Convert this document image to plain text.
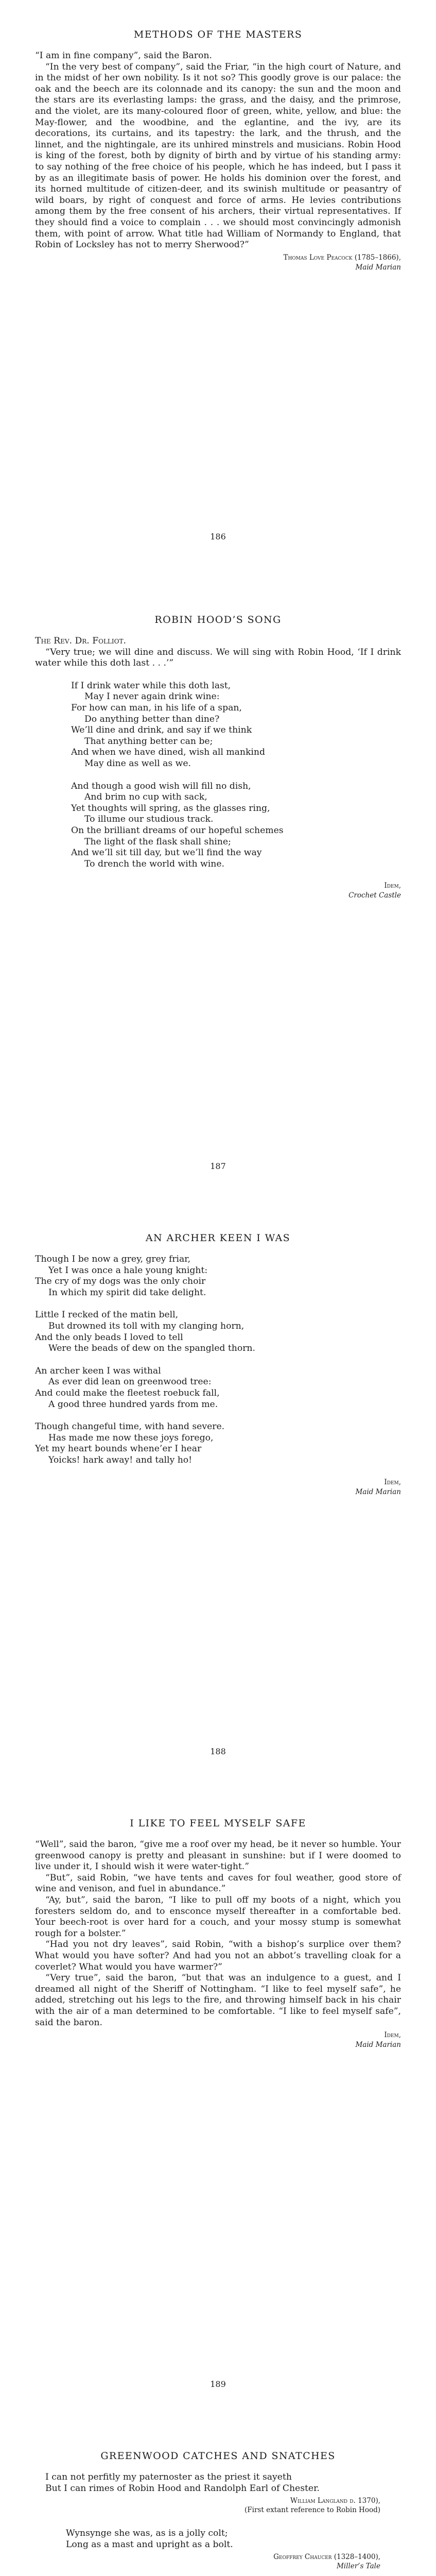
METHODS OF THE MASTERS

“I am in fine company”, said the Baron.

“In the very best of company”, said the Friar, “in the high court of Nature, and in the midst of her own nobility. Is it not so? This goodly grove is our palace: the oak and the beech are its colonnade and its canopy: the sun and the moon and the stars are its everlasting lamps: the grass, and the daisy, and the primrose, and the violet, are its many-coloured floor of green, white, yellow, and blue: the May-flower, and the woodbine, and the eglantine, and the ivy, are its decorations, its curtains, and its tapestry: the lark, and the thrush, and the linnet, and the nightingale, are its unhired minstrels and musicians. Robin Hood is king of the forest, both by dignity of birth and by virtue of his standing army: to say nothing of the free choice of his people, which he has indeed, but I pass it by as an illegitimate basis of power. He holds his dominion over the forest, and its horned multitude of citizen-deer, and its swinish multitude or peasantry of wild boars, by right of conquest and force of arms. He levies contributions among them by the free consent of his archers, their virtual representatives. If they should find a voice to complain . . . we should most convincingly admonish them, with point of arrow. What title had William of Normandy to England, that Robin of Locksley has not to merry Sherwood?”

Thomas Love Peacock (1785–1866),
Maid Marian
186
ROBIN HOOD’S SONG

The Rev. Dr. Folliot.

“Very true; we will dine and discuss. We will sing with Robin Hood, ‘If I drink water while this doth last . . .’”

If I drink water while this doth last,
May I never again drink wine:
For how can man, in his life of a span,
Do anything better than dine?
We’ll dine and drink, and say if we think
That anything better can be;
And when we have dined, wish all mankind
May dine as well as we.
And though a good wish will fill no dish,
And brim no cup with sack,
Yet thoughts will spring, as the glasses ring,
To illume our studious track.
On the brilliant dreams of our hopeful schemes
The light of the flask shall shine;
And we’ll sit till day, but we’ll find the way
To drench the world with wine.
Idem,
Crochet Castle
187
AN ARCHER KEEN I WAS
Though I be now a grey, grey friar,
Yet I was once a hale young knight:
The cry of my dogs was the only choir
In which my spirit did take delight.
Little I recked of the matin bell,
But drowned its toll with my clanging horn,
And the only beads I loved to tell
Were the beads of dew on the spangled thorn.
An archer keen I was withal
As ever did lean on greenwood tree:
And could make the fleetest roebuck fall,
A good three hundred yards from me.
Though changeful time, with hand severe.
Has made me now these joys forego,
Yet my heart bounds whene’er I hear
Yoicks! hark away! and tally ho!
Idem,
Maid Marian
188
I LIKE TO FEEL MYSELF SAFE

“Well”, said the baron, “give me a roof over my head, be it never so humble. Your greenwood canopy is pretty and pleasant in sunshine: but if I were doomed to live under it, I should wish it were water-tight.”

“But”, said Robin, “we have tents and caves for foul weather, good store of wine and venison, and fuel in abundance.”

“Ay, but”, said the baron, “I like to pull off my boots of a night, which you foresters seldom do, and to ensconce myself thereafter in a comfortable bed. Your beech-root is over hard for a couch, and your mossy stump is somewhat rough for a bolster.”

“Had you not dry leaves”, said Robin, “with a bishop’s surplice over them? What would you have softer? And had you not an abbot’s travelling cloak for a coverlet? What would you have warmer?”

“Very true”, said the baron, “but that was an indulgence to a guest, and I dreamed all night of the Sheriff of Nottingham. “I like to feel myself safe”, he added, stretching out his legs to the fire, and throwing himself back in his chair with the air of a man determined to be comfortable. “I like to feel myself safe”, said the baron.

Idem,
Maid Marian
189
GREENWOOD CATCHES AND SNATCHES
I can not perfitly my paternoster as the priest it sayeth
But I can rimes of Robin Hood and Randolph Earl of Chester.
William Langland d. 1370),
(First extant reference to Robin Hood)
Wynsynge she was, as is a jolly colt;
Long as a mast and upright as a bolt.
Geoffrey Chaucer (1328–1400),
Miller’s Tale
